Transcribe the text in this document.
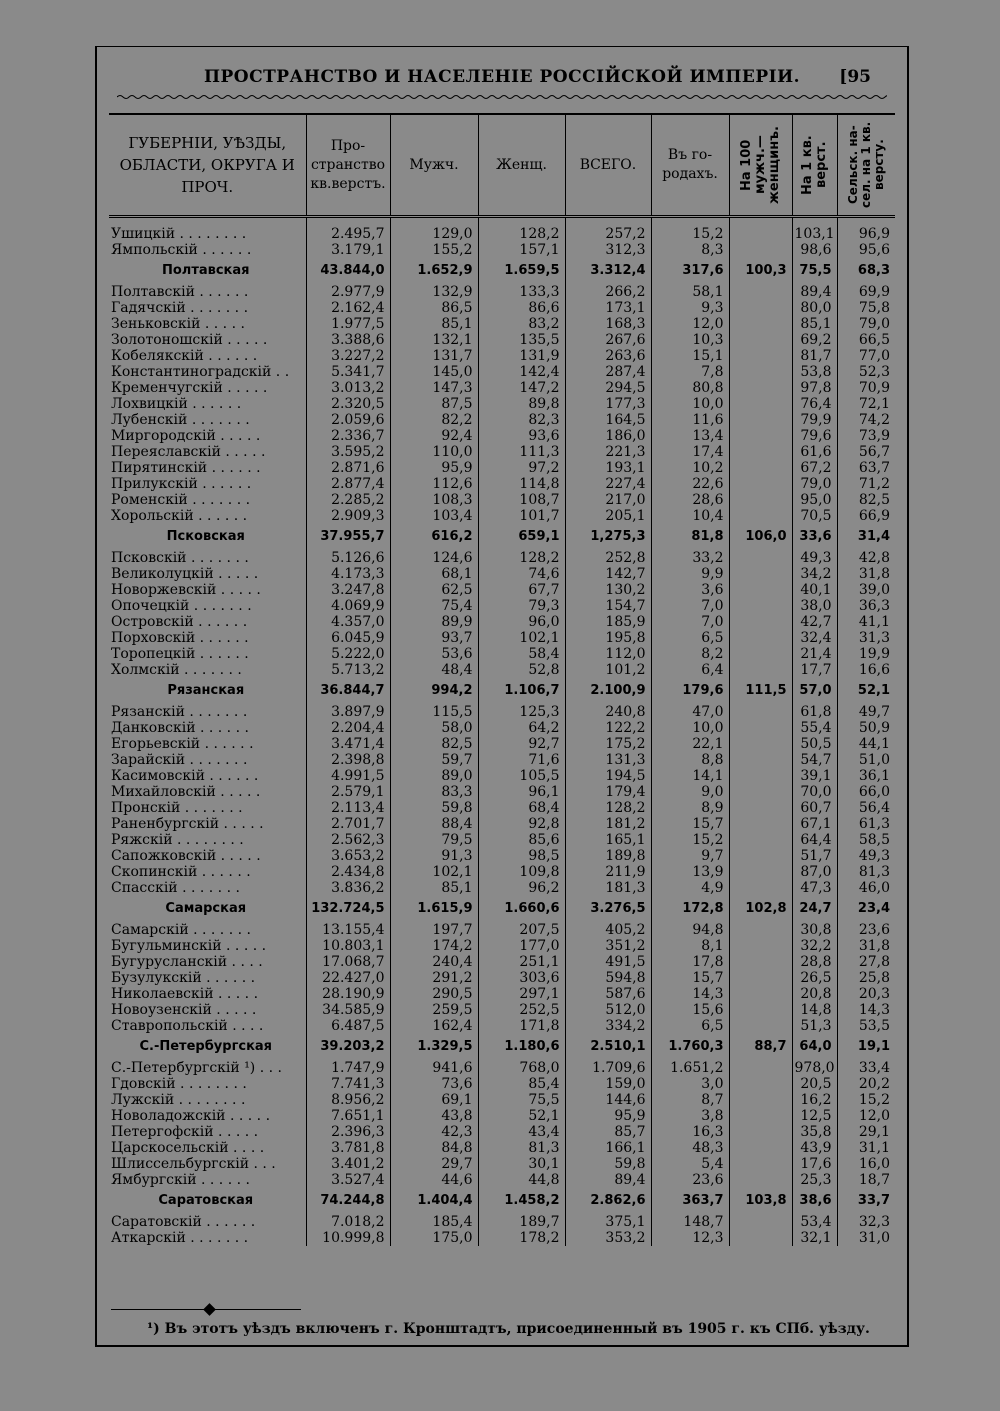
ПРОСТРАНСТВО И НАСЕЛЕНІЕ РОССІЙСКОЙ ИМПЕРІИ.	[95
ГУБЕРНІИ, УѢЗДЫ, ОБЛАСТИ, ОКРУГА И ПРОЧ.	Про-странство кв.верстъ.	Мужч.	Женщ.	ВСЕГО.	Въ го-родахъ.	На 100 мужч.—женщинъ.	На 1 кв. верст.	Сельск. на-сел. на 1 кв. версту.

Ушицкій . . . . . . . .	2.495,7	129,0	128,2	257,2	15,2		103,1	96,9
Ямпольскій . . . . . .	3.179,1	155,2	157,1	312,3	8,3		98,6	95,6
Полтавская	43.844,0	1.652,9	1.659,5	3.312,4	317,6	100,3	75,5	68,3
Полтавскій . . . . . .	2.977,9	132,9	133,3	266,2	58,1		89,4	69,9
Гадячскій . . . . . . .	2.162,4	86,5	86,6	173,1	9,3		80,0	75,8
Зеньковскій . . . . .	1.977,5	85,1	83,2	168,3	12,0		85,1	79,0
Золотоношскій . . . . .	3.388,6	132,1	135,5	267,6	10,3		69,2	66,5
Кобелякскій . . . . . .	3.227,2	131,7	131,9	263,6	15,1		81,7	77,0
Константиноградскій . .	5.341,7	145,0	142,4	287,4	7,8		53,8	52,3
Кременчугскій . . . . .	3.013,2	147,3	147,2	294,5	80,8		97,8	70,9
Лохвицкій . . . . . .	2.320,5	87,5	89,8	177,3	10,0		76,4	72,1
Лубенскій . . . . . . .	2.059,6	82,2	82,3	164,5	11,6		79,9	74,2
Миргородскій . . . . .	2.336,7	92,4	93,6	186,0	13,4		79,6	73,9
Переяславскій . . . . .	3.595,2	110,0	111,3	221,3	17,4		61,6	56,7
Пирятинскій . . . . . .	2.871,6	95,9	97,2	193,1	10,2		67,2	63,7
Прилукскій . . . . . .	2.877,4	112,6	114,8	227,4	22,6		79,0	71,2
Роменскій . . . . . . .	2.285,2	108,3	108,7	217,0	28,6		95,0	82,5
Хорольскій . . . . . .	2.909,3	103,4	101,7	205,1	10,4		70,5	66,9
Псковская	37.955,7	616,2	659,1	1,275,3	81,8	106,0	33,6	31,4
Псковскій . . . . . . .	5.126,6	124,6	128,2	252,8	33,2		49,3	42,8
Великолуцкій . . . . .	4.173,3	68,1	74,6	142,7	9,9		34,2	31,8
Новоржевскій . . . . .	3.247,8	62,5	67,7	130,2	3,6		40,1	39,0
Опочецкій . . . . . . .	4.069,9	75,4	79,3	154,7	7,0		38,0	36,3
Островскій . . . . . .	4.357,0	89,9	96,0	185,9	7,0		42,7	41,1
Порховскій . . . . . .	6.045,9	93,7	102,1	195,8	6,5		32,4	31,3
Торопецкій . . . . . .	5.222,0	53,6	58,4	112,0	8,2		21,4	19,9
Холмскій . . . . . . .	5.713,2	48,4	52,8	101,2	6,4		17,7	16,6
Рязанская	36.844,7	994,2	1.106,7	2.100,9	179,6	111,5	57,0	52,1
Рязанскій . . . . . . .	3.897,9	115,5	125,3	240,8	47,0		61,8	49,7
Данковскій . . . . . .	2.204,4	58,0	64,2	122,2	10,0		55,4	50,9
Егорьевскій . . . . . .	3.471,4	82,5	92,7	175,2	22,1		50,5	44,1
Зарайскій . . . . . . .	2.398,8	59,7	71,6	131,3	8,8		54,7	51,0
Касимовскій . . . . . .	4.991,5	89,0	105,5	194,5	14,1		39,1	36,1
Михайловскій . . . . .	2.579,1	83,3	96,1	179,4	9,0		70,0	66,0
Пронскій . . . . . . .	2.113,4	59,8	68,4	128,2	8,9		60,7	56,4
Раненбургскій . . . . .	2.701,7	88,4	92,8	181,2	15,7		67,1	61,3
Ряжскій . . . . . . . .	2.562,3	79,5	85,6	165,1	15,2		64,4	58,5
Сапожковскій . . . . .	3.653,2	91,3	98,5	189,8	9,7		51,7	49,3
Скопинскій . . . . . .	2.434,8	102,1	109,8	211,9	13,9		87,0	81,3
Спасскій . . . . . . .	3.836,2	85,1	96,2	181,3	4,9		47,3	46,0
Самарская	132.724,5	1.615,9	1.660,6	3.276,5	172,8	102,8	24,7	23,4
Самарскій . . . . . . .	13.155,4	197,7	207,5	405,2	94,8		30,8	23,6
Бугульминскій . . . . .	10.803,1	174,2	177,0	351,2	8,1		32,2	31,8
Бугурусланскій . . . .	17.068,7	240,4	251,1	491,5	17,8		28,8	27,8
Бузулукскій . . . . . .	22.427,0	291,2	303,6	594,8	15,7		26,5	25,8
Николаевскій . . . . .	28.190,9	290,5	297,1	587,6	14,3		20,8	20,3
Новоузенскій . . . . .	34.585,9	259,5	252,5	512,0	15,6		14,8	14,3
Ставропольскій . . . .	6.487,5	162,4	171,8	334,2	6,5		51,3	53,5
С.-Петербургская	39.203,2	1.329,5	1.180,6	2.510,1	1.760,3	88,7	64,0	19,1
С.-Петербургскій ¹) . . .	1.747,9	941,6	768,0	1.709,6	1.651,2		978,0	33,4
Гдовскій . . . . . . . .	7.741,3	73,6	85,4	159,0	3,0		20,5	20,2
Лужскій . . . . . . . .	8.956,2	69,1	75,5	144,6	8,7		16,2	15,2
Новоладожскій . . . . .	7.651,1	43,8	52,1	95,9	3,8		12,5	12,0
Петергофскій . . . . .	2.396,3	42,3	43,4	85,7	16,3		35,8	29,1
Царскосельскій . . . .	3.781,8	84,8	81,3	166,1	48,3		43,9	31,1
Шлиссельбургскій . . .	3.401,2	29,7	30,1	59,8	5,4		17,6	16,0
Ямбургскій . . . . . .	3.527,4	44,6	44,8	89,4	23,6		25,3	18,7
Саратовская	74.244,8	1.404,4	1.458,2	2.862,6	363,7	103,8	38,6	33,7
Саратовскій . . . . . .	7.018,2	185,4	189,7	375,1	148,7		53,4	32,3
Аткарскій . . . . . . .	10.999,8	175,0	178,2	353,2	12,3		32,1	31,0
¹) Въ этотъ уѣздъ включенъ г. Кронштадтъ, присоединенный въ 1905 г. къ СПб. уѣзду.
